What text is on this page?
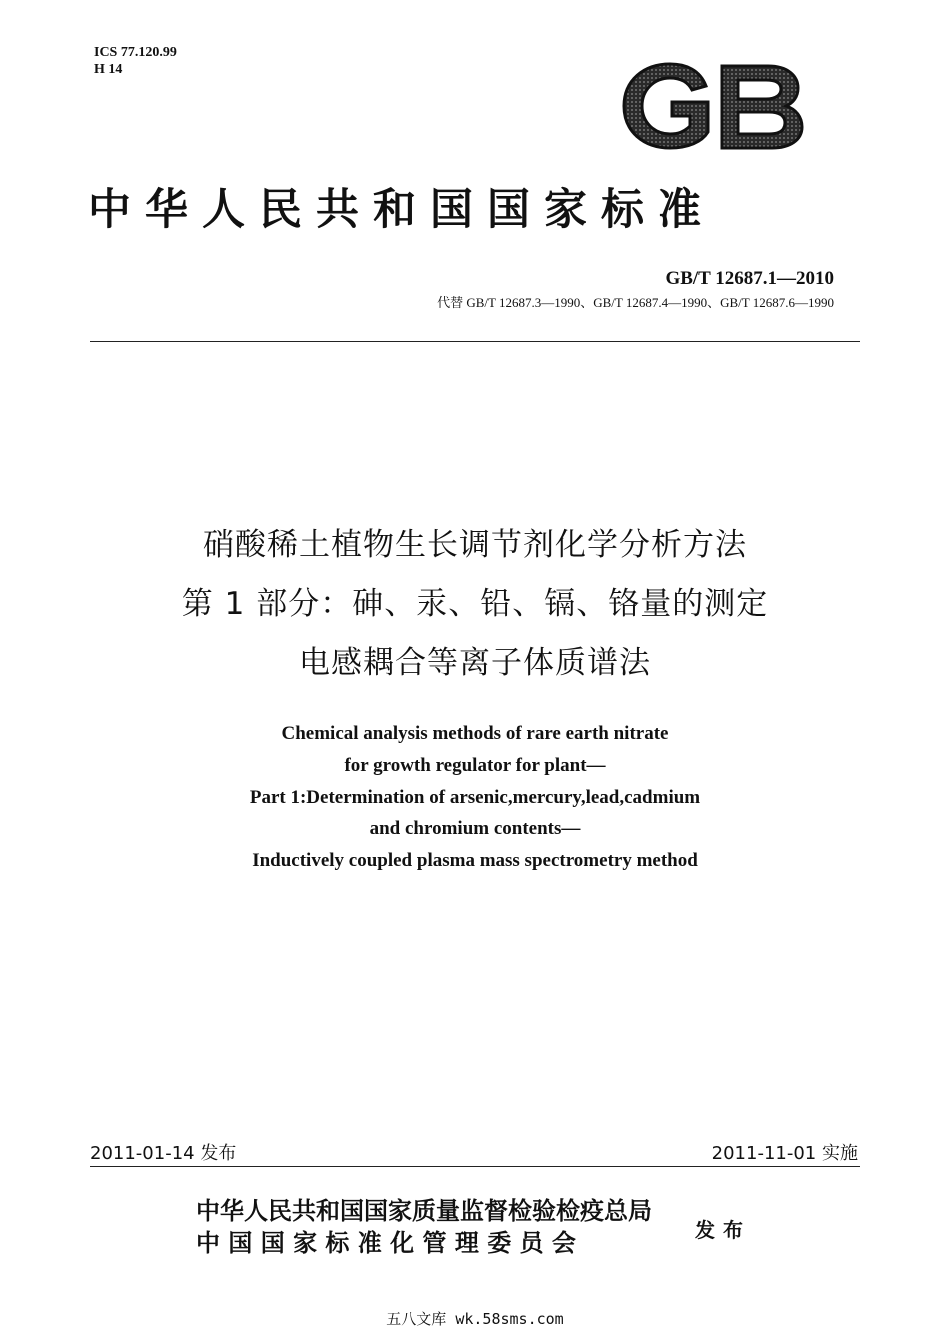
ICS 77.120.99
H 14
中华人民共和国国家标准
GB/T 12687.1—2010
代替 GB/T 12687.3—1990、GB/T 12687.4—1990、GB/T 12687.6—1990
硝酸稀土植物生长调节剂化学分析方法
第 1 部分：砷、汞、铅、镉、铬量的测定
电感耦合等离子体质谱法
Chemical analysis methods of rare earth nitrate
for growth regulator for plant—
Part 1:Determination of arsenic,mercury,lead,cadmium
and chromium contents—
Inductively coupled plasma mass spectrometry method
2011-01-14 发布	2011-11-01 实施
中华人民共和国国家质量监督检验检疫总局
中 国 国 家 标 准 化 管 理 委 员 会	发布
五八文库 wk.58sms.com
